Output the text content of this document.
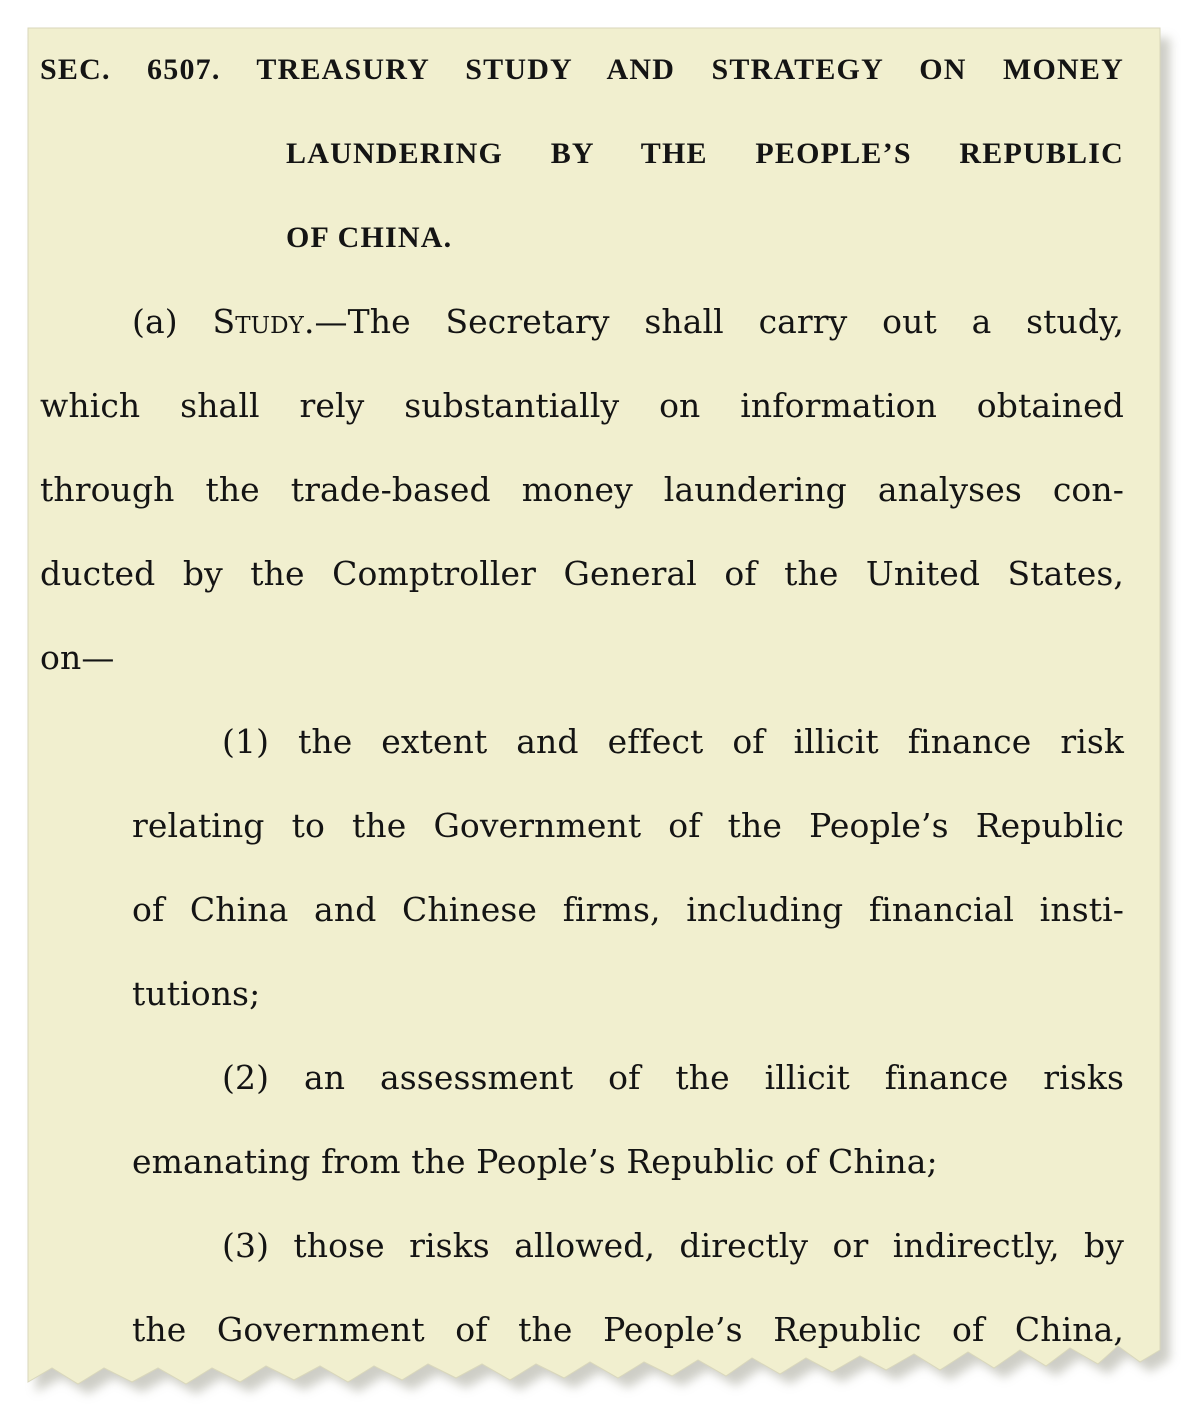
SEC. 6507. TREASURY STUDY AND STRATEGY ON MONEY
LAUNDERING BY THE PEOPLE’S REPUBLIC
OF CHINA.
(a) Study.—The Secretary shall carry out a study,
which shall rely substantially on information obtained
through the trade-based money laundering analyses con-
ducted by the Comptroller General of the United States,
on—
(1) the extent and effect of illicit finance risk
relating to the Government of the People’s Republic
of China and Chinese firms, including financial insti-
tutions;
(2) an assessment of the illicit finance risks
emanating from the People’s Republic of China;
(3) those risks allowed, directly or indirectly, by
the Government of the People’s Republic of China,
